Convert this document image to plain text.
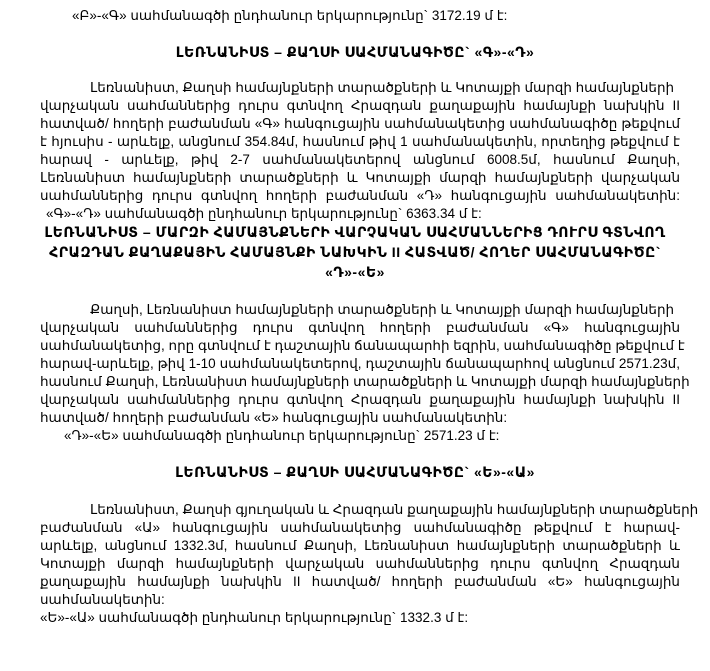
«Բ»-«Գ» սահմանագծի ընդհանուր երկարությունը` 3172.19 մ է:

ԼԵՌՆԱՆԻՍՏ – ՔԱՂՍԻ ՍԱՀՄԱՆԱԳԻԾԸ` «Գ»-«Դ»

Լեռնանիստ, Քաղսի համայնքների տարածքների և Կոտայքի մարզի համայնքների

վարչական սահմաններից դուրս գտնվող Հրազդան քաղաքային համայնքի նախկին II

հատված/ հողերի բաժանման «Գ» հանգուցային սահմանակետից սահմանագիծը թեքվում

է հյուսիս - արևելք, անցնում 354.84մ, հասնում թիվ 1 սահմանակետին, որտեղից թեքվում է

հարավ - արևելք, թիվ 2-7 սահմանակետերով անցնում 6008.5մ, հասնում Քաղսի,

Լեռնանիստ համայնքների տարածքների և Կոտայքի մարզի համայնքների վարչական

սահմաններից դուրս գտնվող հողերի բաժանման «Դ» հանգուցային սահմանակետին:

«Գ»-«Դ» սահմանագծի ընդհանուր երկարությունը` 6363.34 մ է:

ԼԵՌՆԱՆԻՍՏ – ՄԱՐԶԻ ՀԱՄԱՅՆՔՆԵՐԻ ՎԱՐՉԱԿԱՆ ՍԱՀՄԱՆՆԵՐԻՑ ԴՈՒՐՍ ԳՏՆՎՈՂ
ՀՐԱԶԴԱՆ ՔԱՂԱՔԱՅԻՆ ՀԱՄԱՅՆՔԻ ՆԱԽԿԻՆ II ՀԱՏՎԱԾ/ ՀՈՂԵՐ ՍԱՀՄԱՆԱԳԻԾԸ`
«Դ»-«Ե»

Քաղսի, Լեռնանիստ համայնքների տարածքների և Կոտայքի մարզի համայնքների

վարչական սահմաններից դուրս գտնվող հողերի բաժանման «Գ» հանգուցային

սահմանակետից, որը գտնվում է դաշտային ճանապարհի եզրին, սահմանագիծը թեքվում է

հարավ-արևելք, թիվ 1-10 սահմանակետերով, դաշտային ճանապարհով անցնում 2571.23մ,

հասնում Քաղսի, Լեռնանիստ համայնքների տարածքների և Կոտայքի մարզի համայնքների

վարչական սահմաններից դուրս գտնվող Հրազդան քաղաքային համայնքի նախկին II

հատված/ հողերի բաժանման «Ե» հանգուցային սահմանակետին:

«Դ»-«Ե» սահմանագծի ընդհանուր երկարությունը` 2571.23 մ է:

ԼԵՌՆԱՆԻՍՏ – ՔԱՂՍԻ ՍԱՀՄԱՆԱԳԻԾԸ` «Ե»-«Ա»

Լեռնանիստ, Քաղսի գյուղական և Հրազդան քաղաքային համայնքների տարածքների

բաժանման «Ա» հանգուցային սահմանակետից սահմանագիծը թեքվում է հարավ-

արևելք, անցնում 1332.3մ, հասնում Քաղսի, Լեռնանիստ համայնքների տարածքների և

Կոտայքի մարզի համայնքների վարչական սահմաններից դուրս գտնվող Հրազդան

քաղաքային համայնքի նախկին II հատված/ հողերի բաժանման «Ե» հանգուցային

սահմանակետին:

«Ե»-«Ա» սահմանագծի ընդհանուր երկարությունը` 1332.3 մ է:
